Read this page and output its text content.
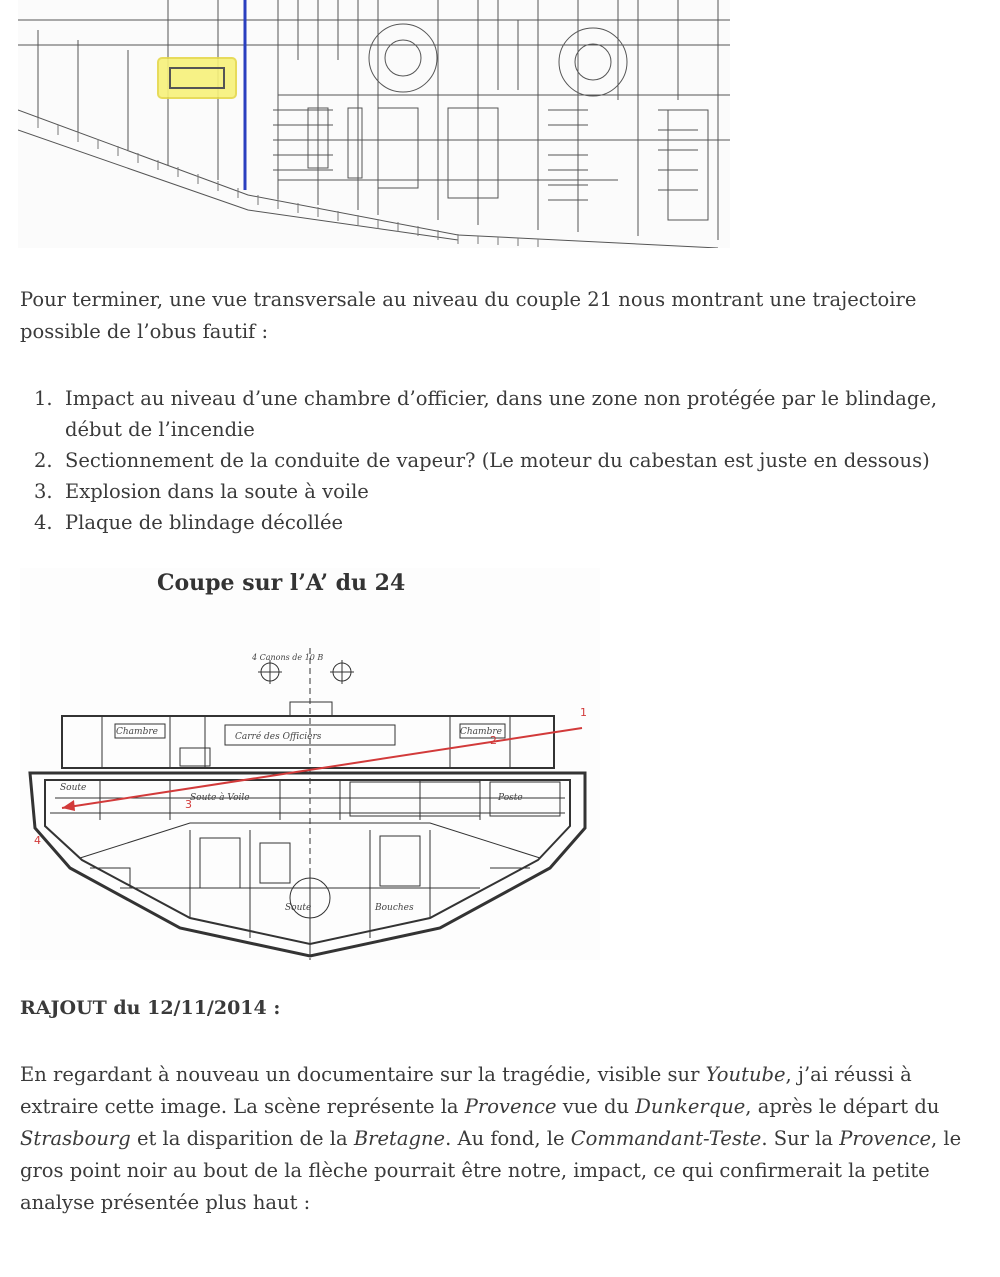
Pour terminer, une vue transversale au niveau du couple 21 nous montrant une trajectoire possible de l’obus fautif :

1. Impact au niveau d’une chambre d’officier, dans une zone non protégée par le blindage, début de l’incendie
2. Sectionnement de la conduite de vapeur? (Le moteur du cabestan est juste en dessous)
3. Explosion dans la soute à voile
4. Plaque de blindage décollée
Coupe sur l’A’ du 24
4 Canons de 10 B
Chambre	Carré des Officiers	Chambre
Soute
Soute à Voile	Poste
Soute	Bouches
1
2
3
4

RAJOUT du 12/11/2014 :

En regardant à nouveau un documentaire sur la tragédie, visible sur Youtube, j’ai réussi à extraire cette image. La scène représente la Provence vue du Dunkerque, après le départ du Strasbourg et la disparition de la Bretagne. Au fond, le Commandant-Teste. Sur la Provence, le gros point noir au bout de la flèche pourrait être notre, impact, ce qui confirmerait la petite analyse présentée plus haut :
